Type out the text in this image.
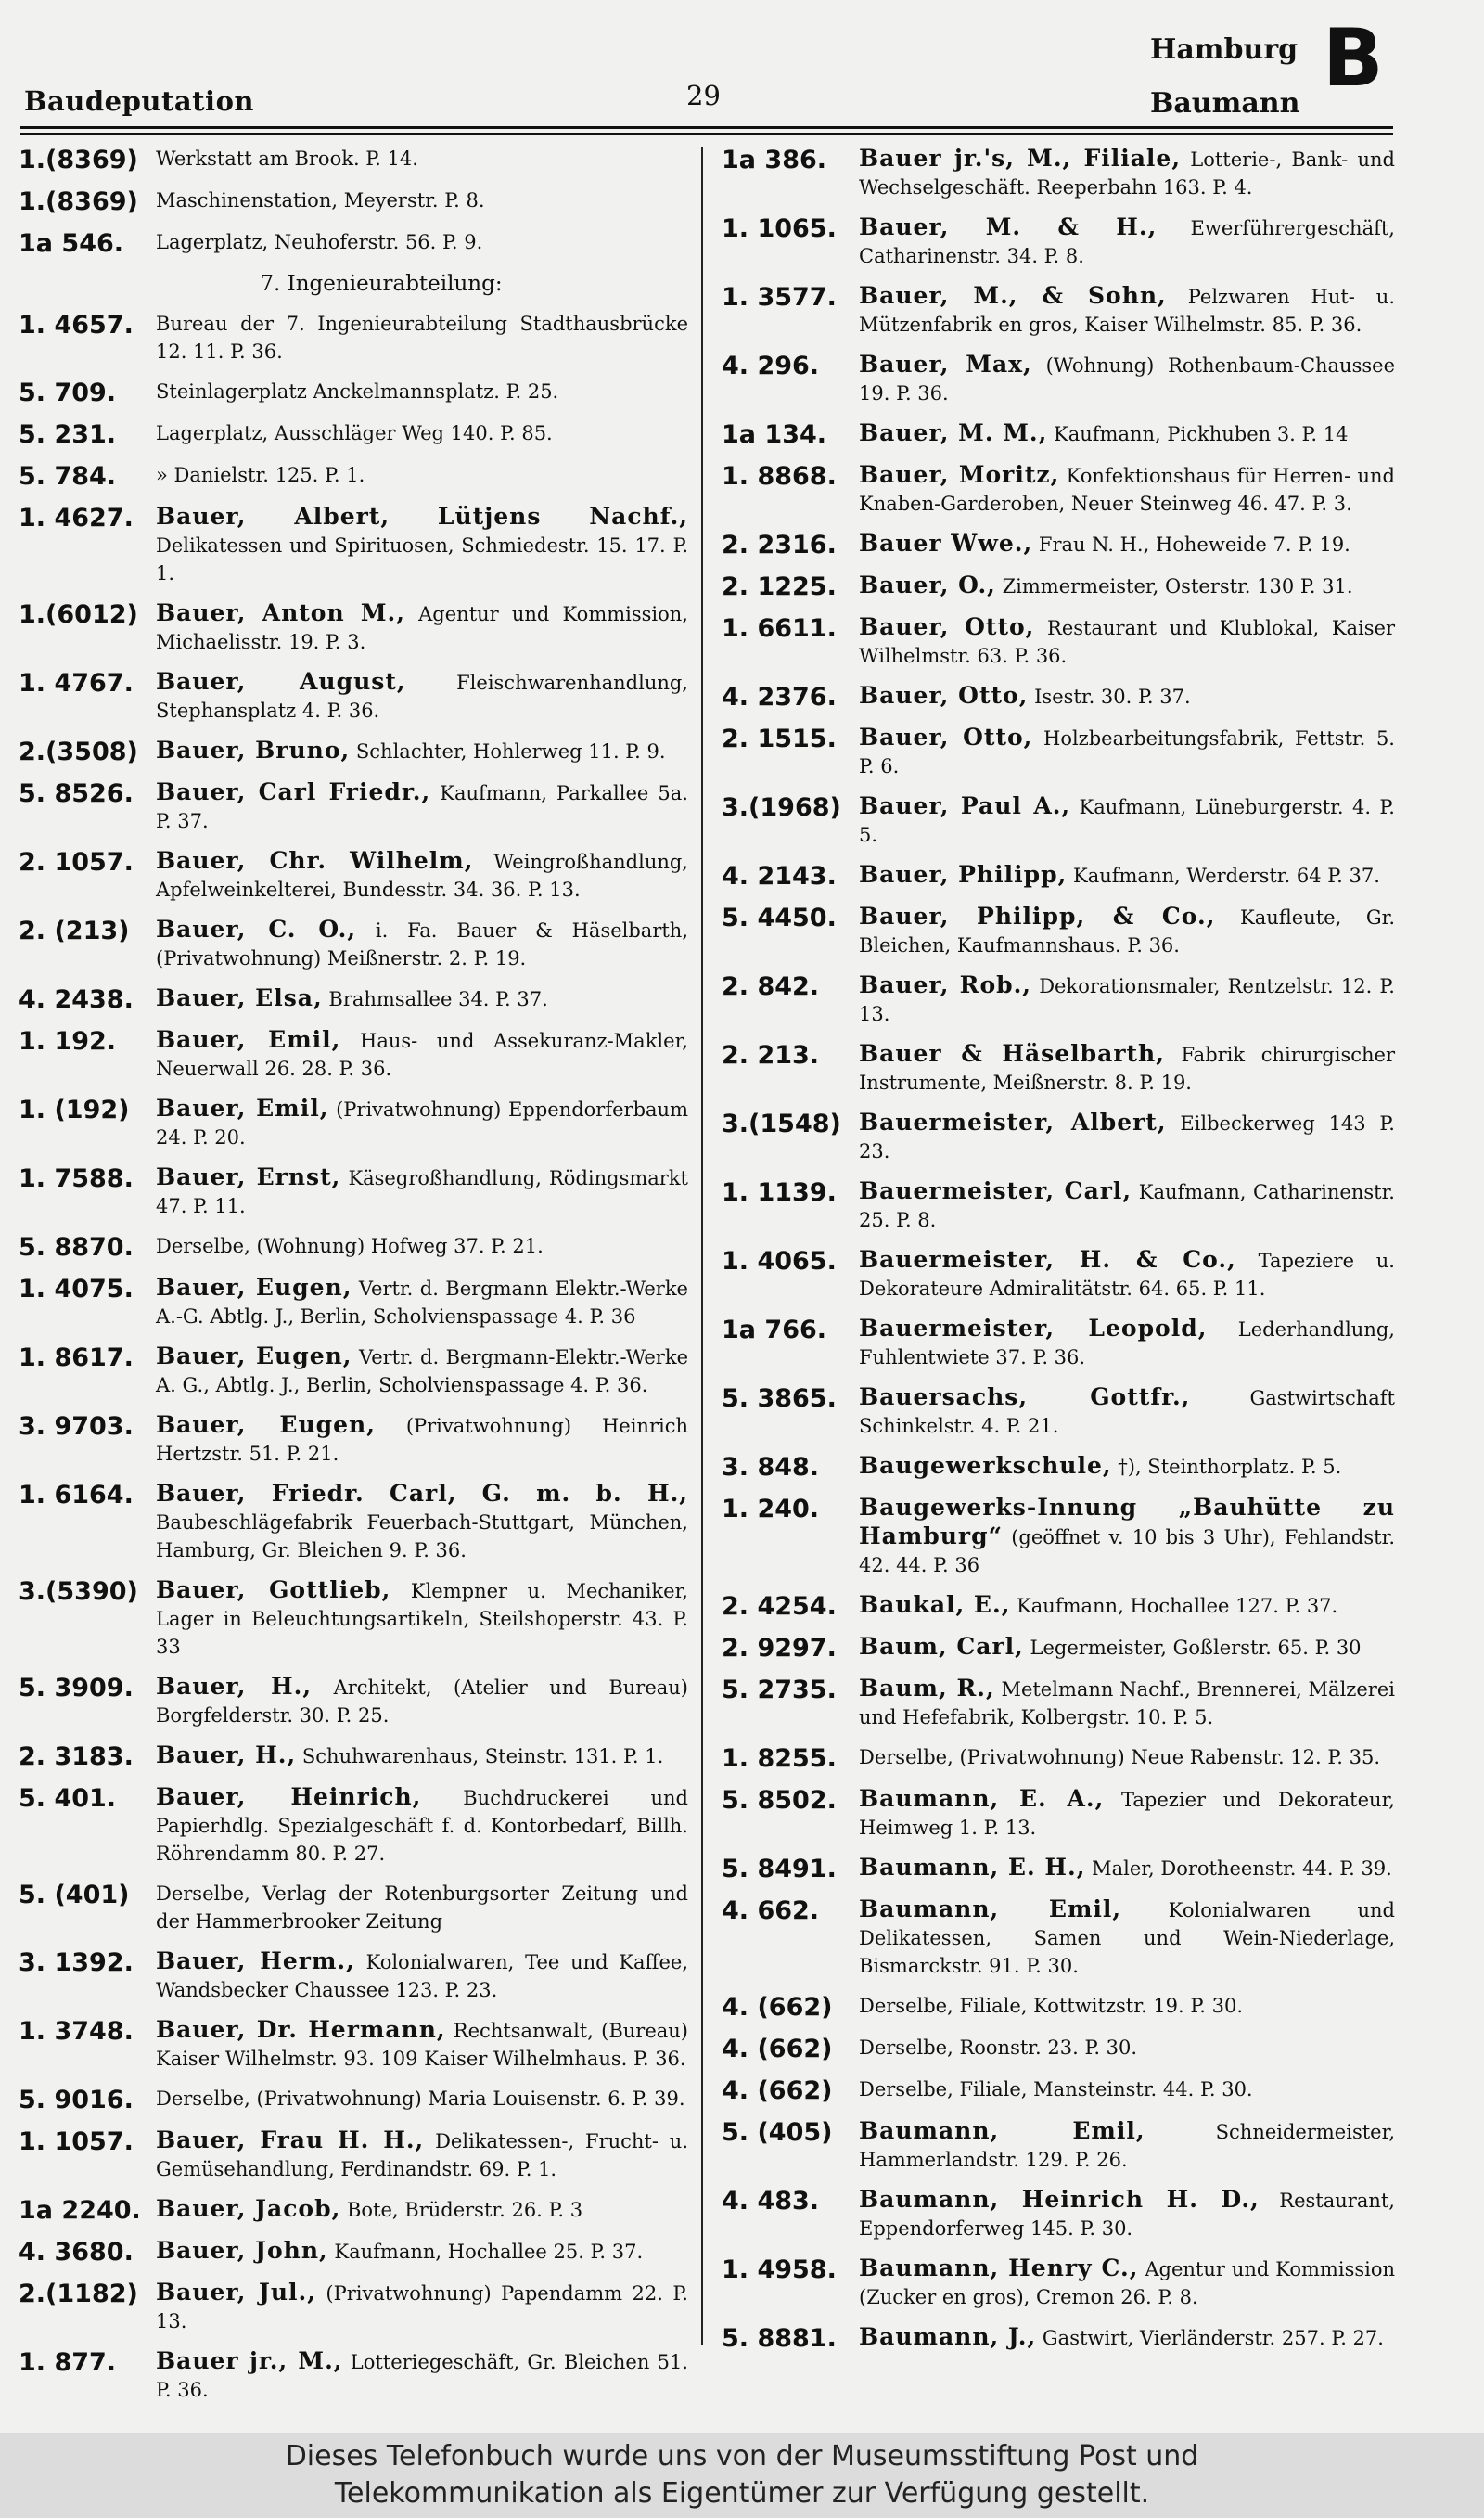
Baudeputation	29
Hamburg
Baumann B
1.(8369) Werkstatt am Brook. P. 14.
1.(8369) Maschinenstation, Meyerstr. P. 8.
1a 546.	Lagerplatz, Neuhoferstr. 56. P. 9.
7. Ingenieurabteilung:
1. 4657.	Bureau der 7. Ingenieurabteilung Stadthausbrücke 12. 11. P. 36.
5. 709.	Steinlagerplatz Anckelmannsplatz. P. 25.
5. 231.	Lagerplatz, Ausschläger Weg 140. P. 85.
5. 784.	» Danielstr. 125. P. 1.
1. 4627. Bauer, Albert, Lütjens Nachf., Delikatessen und Spirituosen, Schmiedestr. 15. 17. P. 1.
1.(6012) Bauer, Anton M., Agentur und Kommission, Michaelisstr. 19. P. 3.
1. 4767. Bauer, August,	Fleischwarenhandlung, Stephansplatz 4. P. 36.
2.(3508) Bauer, Bruno, Schlachter, Hohlerweg 11. P. 9.
5. 8526. Bauer, Carl Friedr., Kaufmann, Parkallee 5a. P. 37.
2. 1057. Bauer, Chr. Wilhelm, Weingroßhandlung, Apfelweinkelterei, Bundesstr. 34. 36. P. 13.
2. (213)	Bauer, C. O., i. Fa. Bauer & Häselbarth, (Privatwohnung) Meißnerstr. 2. P. 19.
4. 2438. Bauer, Elsa, Brahmsallee 34. P. 37.
1. 192.	Bauer, Emil, Haus- und Assekuranz-Makler, Neuerwall 26. 28. P. 36.
1. (192)	Bauer, Emil, (Privatwohnung) Eppendorferbaum 24. P. 20.
1. 7588. Bauer, Ernst, Käsegroßhandlung, Rödingsmarkt 47. P. 11.
5. 8870.	Derselbe, (Wohnung) Hofweg 37. P. 21.
1. 4075. Bauer, Eugen, Vertr. d. Bergmann Elektr.-Werke A.-G. Abtlg. J., Berlin, Scholvienspassage 4. P. 36
1. 8617. Bauer, Eugen, Vertr. d. Bergmann-Elektr.-Werke A. G., Abtlg. J., Berlin, Scholvienspassage 4. P. 36.
3. 9703. Bauer, Eugen, (Privatwohnung) Heinrich Hertzstr. 51. P. 21.
1. 6164. Bauer, Friedr. Carl, G. m. b. H., Baubeschlägefabrik Feuerbach-Stuttgart, München, Hamburg, Gr. Bleichen 9. P. 36.
3.(5390) Bauer, Gottlieb, Klempner u. Mechaniker, Lager in Beleuchtungsartikeln, Steilshoperstr. 43. P. 33
5. 3909. Bauer, H., Architekt, (Atelier und Bureau) Borgfelderstr. 30. P. 25.
2. 3183. Bauer, H., Schuhwarenhaus, Steinstr. 131. P. 1.
5. 401.	Bauer, Heinrich, Buchdruckerei und Papierhdlg. Spezialgeschäft f. d. Kontorbedarf, Billh. Röhrendamm 80. P. 27.
5. (401)	Derselbe, Verlag der Rotenburgsorter Zeitung und der Hammerbrooker Zeitung
3. 1392. Bauer, Herm., Kolonialwaren, Tee und Kaffee, Wandsbecker Chaussee 123. P. 23.
1. 3748. Bauer, Dr. Hermann, Rechtsanwalt, (Bureau) Kaiser Wilhelmstr. 93. 109 Kaiser Wilhelmhaus. P. 36.
5. 9016.	Derselbe, (Privatwohnung) Maria Louisenstr. 6. P. 39.
1. 1057. Bauer, Frau H. H., Delikatessen-, Frucht- u. Gemüsehandlung, Ferdinandstr. 69. P. 1.
1a 2240. Bauer, Jacob, Bote, Brüderstr. 26. P. 3
4. 3680. Bauer, John, Kaufmann, Hochallee 25. P. 37.
2.(1182) Bauer, Jul., (Privatwohnung) Papendamm 22. P. 13.
1. 877.	Bauer jr., M., Lotteriegeschäft, Gr. Bleichen 51. P. 36.
1a 386.	Bauer jr.'s, M., Filiale, Lotterie-, Bank- und Wechselgeschäft. Reeperbahn 163. P. 4.
1. 1065. Bauer, M. & H., Ewerführergeschäft, Catharinenstr. 34. P. 8.
1. 3577. Bauer, M., & Sohn, Pelzwaren Hut- u. Mützenfabrik en gros, Kaiser Wilhelmstr. 85. P. 36.
4. 296.	Bauer, Max, (Wohnung) Rothenbaum-Chaussee 19. P. 36.
1a 134.	Bauer, M. M., Kaufmann, Pickhuben 3. P. 14
1. 8868. Bauer, Moritz, Konfektionshaus für Herren- und Knaben-Garderoben, Neuer Steinweg 46. 47. P. 3.
2. 2316. Bauer Wwe., Frau N. H., Hoheweide 7. P. 19.
2. 1225. Bauer, O., Zimmermeister, Osterstr. 130 P. 31.
1. 6611. Bauer, Otto, Restaurant und Klublokal, Kaiser Wilhelmstr. 63. P. 36.
4. 2376. Bauer, Otto, Isestr. 30. P. 37.
2. 1515. Bauer, Otto, Holzbearbeitungsfabrik, Fettstr. 5. P. 6.
3.(1968) Bauer, Paul A., Kaufmann, Lüneburgerstr. 4. P. 5.
4. 2143. Bauer, Philipp, Kaufmann, Werderstr. 64 P. 37.
5. 4450. Bauer, Philipp, & Co., Kaufleute, Gr. Bleichen, Kaufmannshaus. P. 36.
2. 842.	Bauer, Rob., Dekorationsmaler, Rentzelstr. 12. P. 13.
2. 213.	Bauer & Häselbarth, Fabrik chirurgischer Instrumente, Meißnerstr. 8. P. 19.
3.(1548) Bauermeister, Albert, Eilbeckerweg 143 P. 23.
1. 1139. Bauermeister, Carl, Kaufmann, Catharinenstr. 25. P. 8.
1. 4065. Bauermeister, H. & Co., Tapeziere u. Dekorateure Admiralitätstr. 64. 65. P. 11.
1a 766.	Bauermeister, Leopold, Lederhandlung, Fuhlentwiete 37. P. 36.
5. 3865. Bauersachs, Gottfr.,	Gastwirtschaft Schinkelstr. 4. P. 21.
3. 848.	Baugewerkschule, †), Steinthorplatz. P. 5.
1. 240.	Baugewerks-Innung „Bauhütte zu Hamburg“ (geöffnet v. 10 bis 3 Uhr), Fehlandstr. 42. 44. P. 36
2. 4254. Baukal, E., Kaufmann, Hochallee 127. P. 37.
2. 9297. Baum, Carl, Legermeister, Goßlerstr. 65. P. 30
5. 2735. Baum, R., Metelmann Nachf., Brennerei, Mälzerei und Hefefabrik, Kolbergstr. 10. P. 5.
1. 8255.	Derselbe, (Privatwohnung) Neue Rabenstr. 12. P. 35.
5. 8502. Baumann, E. A., Tapezier und Dekorateur, Heimweg 1. P. 13.
5. 8491. Baumann, E. H., Maler, Dorotheenstr. 44. P. 39.
4. 662.	Baumann, Emil, Kolonialwaren und Delikatessen, Samen und Wein-Niederlage, Bismarckstr. 91. P. 30.
4. (662)	Derselbe, Filiale, Kottwitzstr. 19. P. 30.
4. (662)	Derselbe, Roonstr. 23. P. 30.
4. (662)	Derselbe, Filiale, Mansteinstr. 44. P. 30.
5. (405)	Baumann, Emil,	Schneidermeister, Hammerlandstr. 129. P. 26.
4. 483.	Baumann, Heinrich H. D., Restaurant, Eppendorferweg 145. P. 30.
1. 4958. Baumann, Henry C., Agentur und Kommission (Zucker en gros), Cremon 26. P. 8.
5. 8881. Baumann, J., Gastwirt, Vierländerstr. 257. P. 27.
Dieses Telefonbuch wurde uns von der Museumsstiftung Post und
Telekommunikation als Eigentümer zur Verfügung gestellt.
